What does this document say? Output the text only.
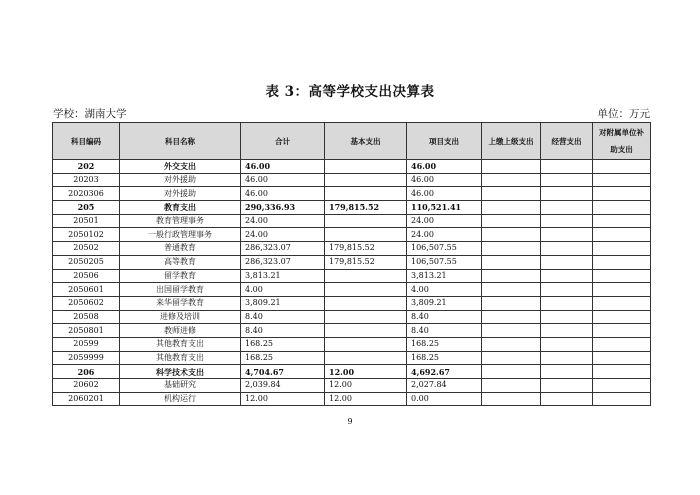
表 3：高等学校支出决算表
学校：湖南大学	单位：万元
科目编码	科目名称	合计	基本支出	项目支出	上缴上级支出	经营支出	对附属单位补助支出
202	外交支出	46.00		46.00			
20203	对外援助	46.00		46.00			
2020306	对外援助	46.00		46.00			
205	教育支出	290,336.93	179,815.52	110,521.41			
20501	教育管理事务	24.00		24.00			
2050102	一般行政管理事务	24.00		24.00			
20502	普通教育	286,323.07	179,815.52	106,507.55			
2050205	高等教育	286,323.07	179,815.52	106,507.55			
20506	留学教育	3,813.21		3,813.21			
2050601	出国留学教育	4.00		4.00			
2050602	来华留学教育	3,809.21		3,809.21			
20508	进修及培训	8.40		8.40			
2050801	教师进修	8.40		8.40			
20599	其他教育支出	168.25		168.25			
2059999	其他教育支出	168.25		168.25			
206	科学技术支出	4,704.67	12.00	4,692.67			
20602	基础研究	2,039.84	12.00	2,027.84			
2060201	机构运行	12.00	12.00	0.00			
9
